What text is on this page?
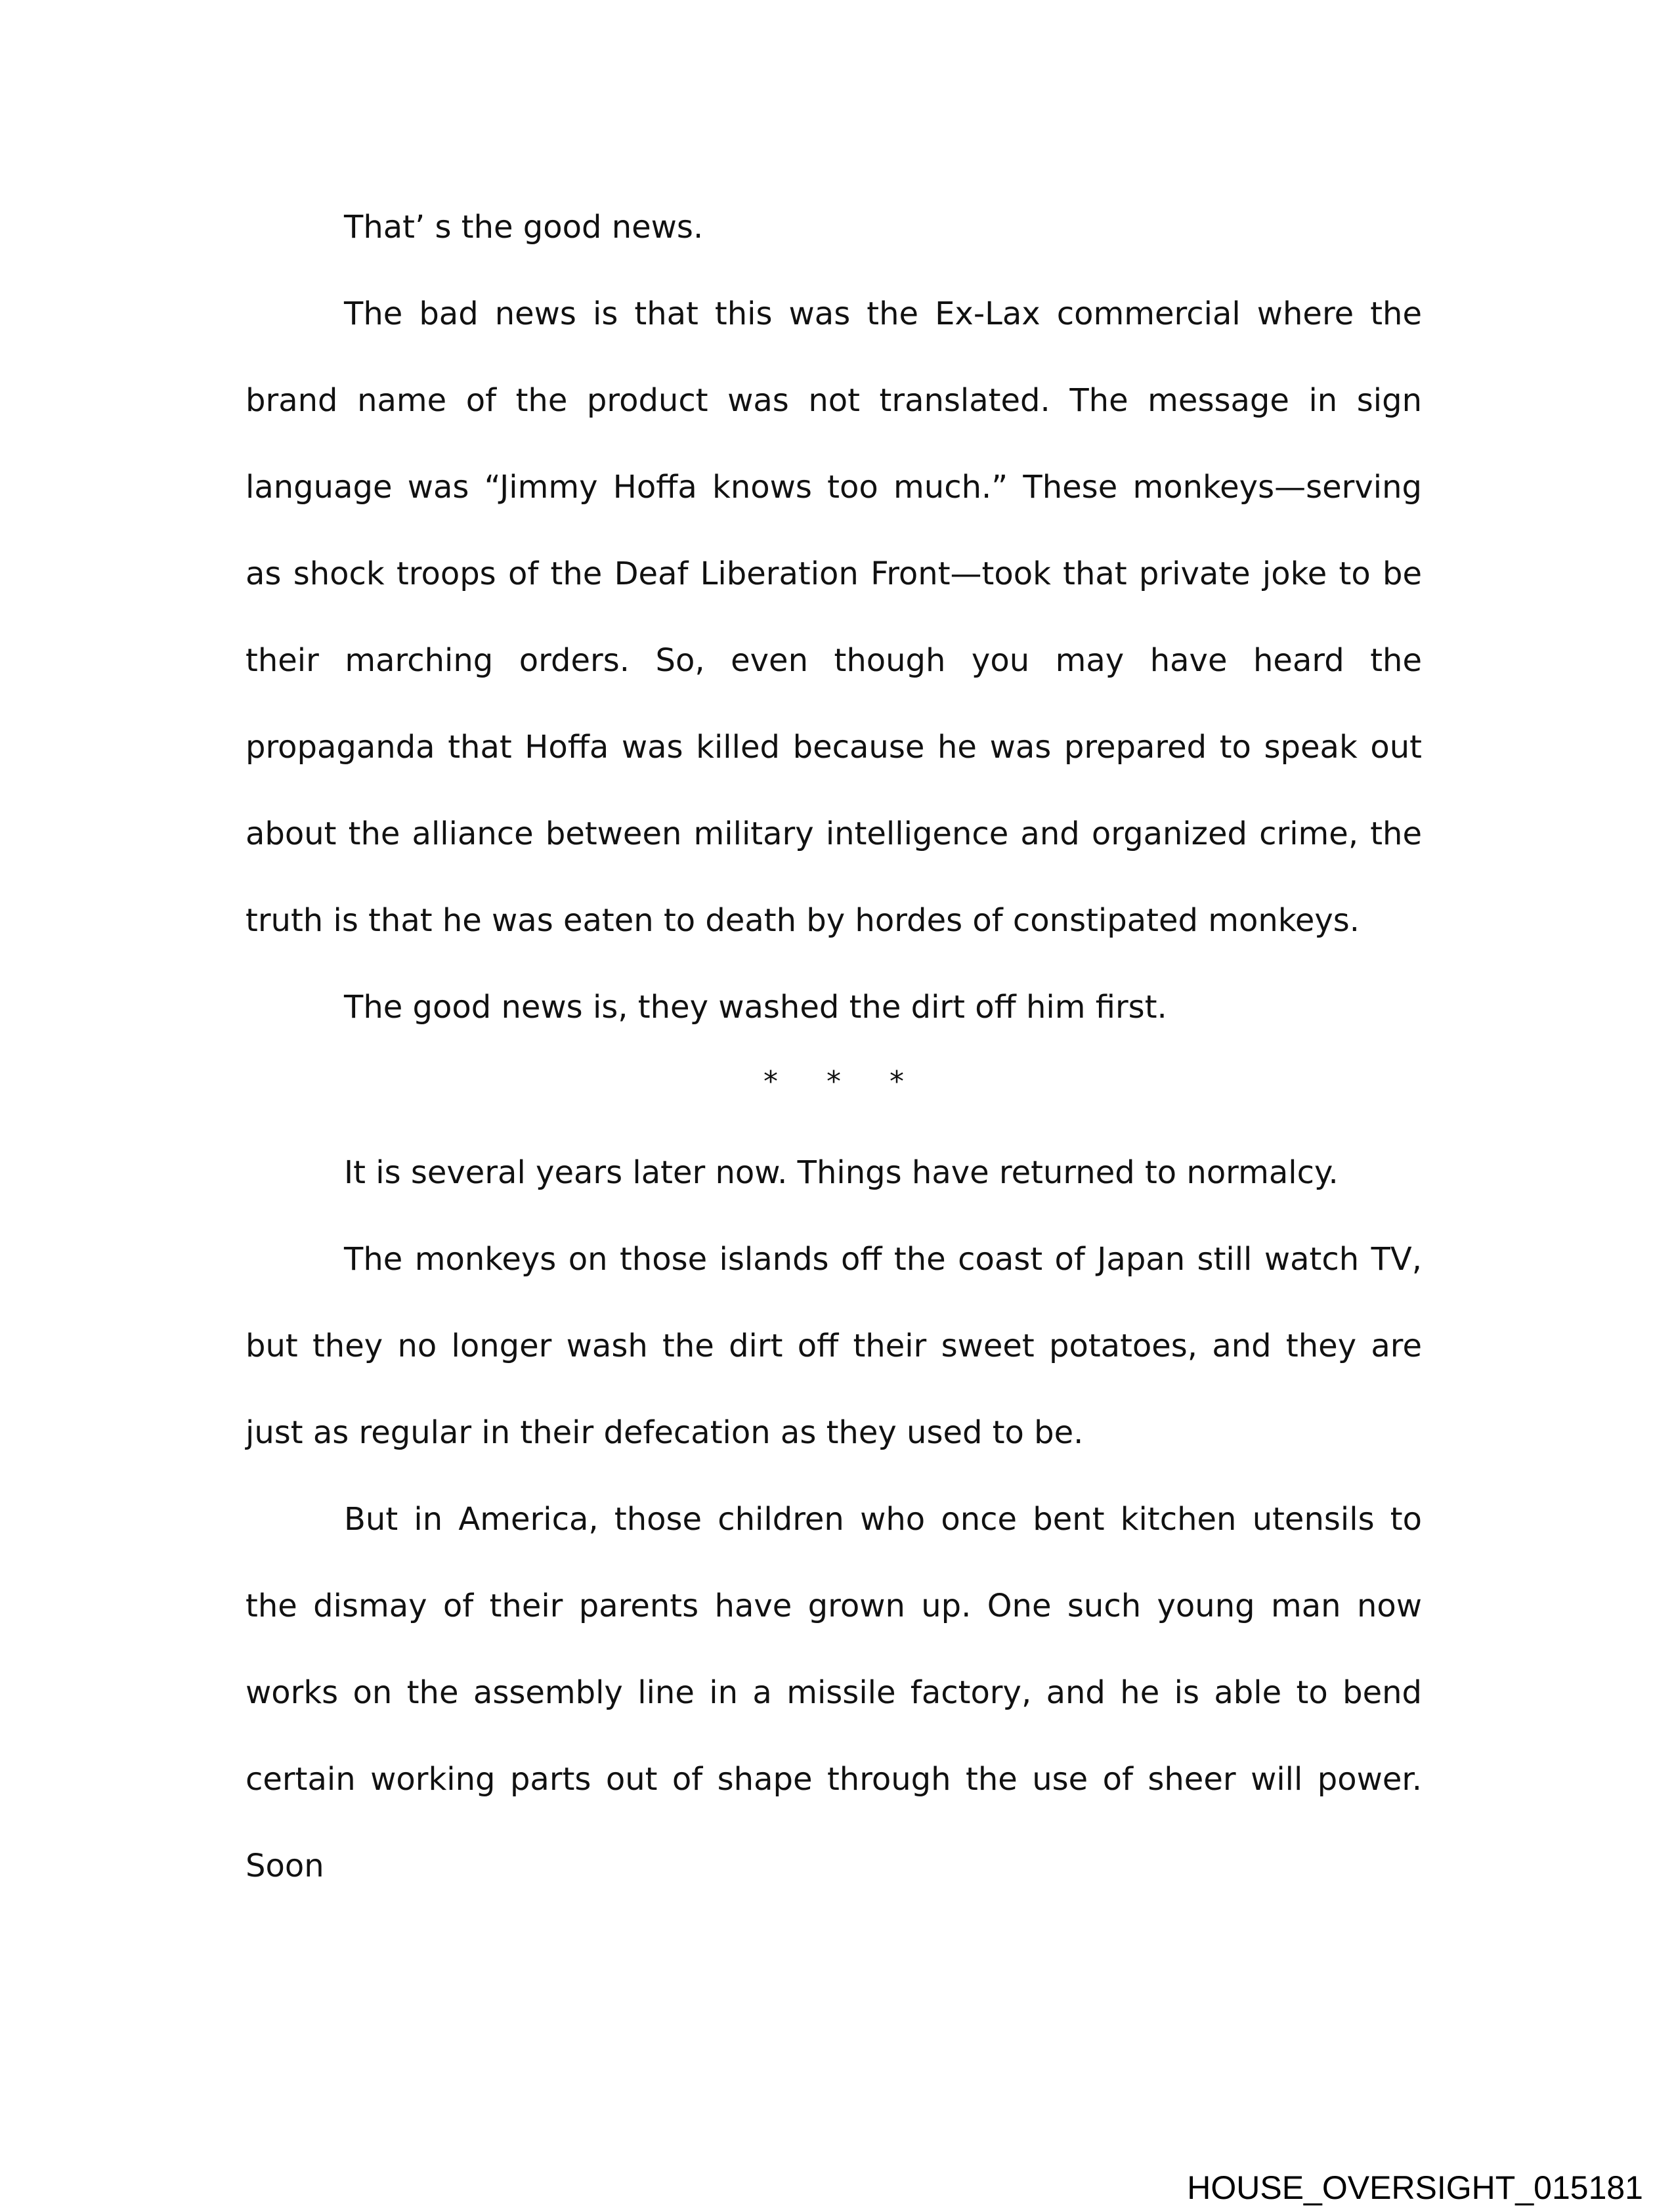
That’ s the good news.

The bad news is that this was the Ex-Lax commercial where the brand name of the product was not translated. The message in sign language was “Jimmy Hoffa knows too much.” These monkeys—serving as shock troops of the Deaf Liberation Front—took that private joke to be their marching orders. So, even though you may have heard the propaganda that Hoffa was killed because he was prepared to speak out about the alliance between military intelligence and organized crime, the truth is that he was eaten to death by hordes of constipated monkeys.

The good news is, they washed the dirt off him first.

* * *

It is several years later now. Things have returned to normalcy.

The monkeys on those islands off the coast of Japan still watch TV, but they no longer wash the dirt off their sweet potatoes, and they are just as regular in their defecation as they used to be.

But in America, those children who once bent kitchen utensils to the dismay of their parents have grown up. One such young man now works on the assembly line in a missile factory, and he is able to bend certain working parts out of shape through the use of sheer will power. Soon

HOUSE_OVERSIGHT_015181
